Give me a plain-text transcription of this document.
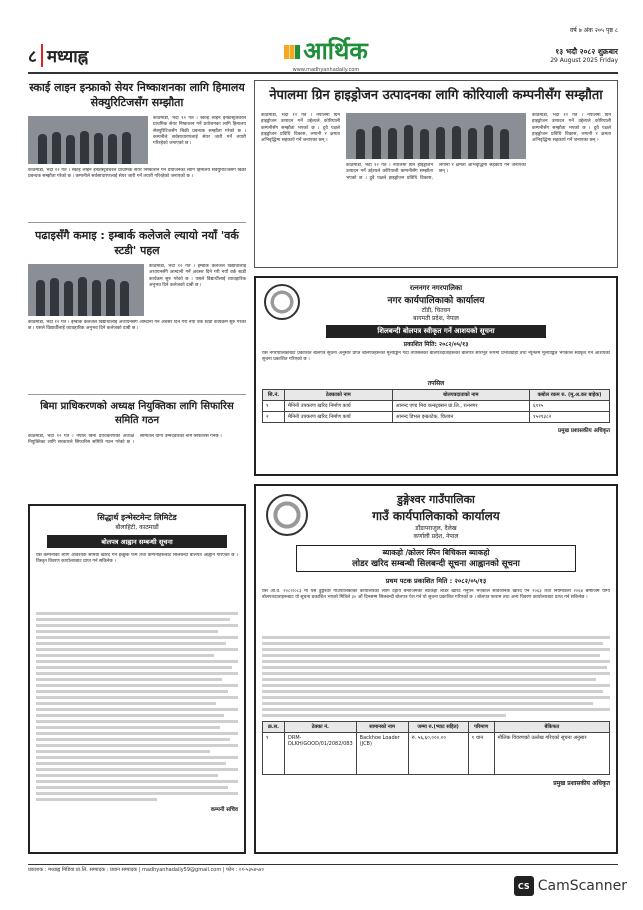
८ मध्याह्न	आर्थिक
www.madhyanhadaily.com
वर्ष ७ अंक २०५ पृष्ठ ८
१३ भदौ २०८२ शुक्रबार
29 August 2025 Friday
स्काई लाइन इन्फ्राको सेयर निष्काशनका लागि हिमालय सेक्युरिटिजसँग सम्झौता
काठमाडौं, भदौ १२ गते । स्काई लाइन इन्फ्रास्ट्रक्चरले प्राथमिक सेयर निष्काशन गर्ने प्रयोजनका लागि हिमालय सेक्युरिटिजसँग बिक्री प्रबन्धक सम्झौता गरेको छ । कम्पनीले सर्वसाधारणलाई सेयर जारी गर्ने तयारी गरिरहेको जनाएको छ ।
काठमाडौं, भदौ १२ गते । स्काई लाइन इन्फ्रास्ट्रक्चरले प्राथमिक सेयर निष्काशन गर्ने प्रयोजनका लागि हिमालय सेक्युरिटिजसँग बिक्री प्रबन्धक सम्झौता गरेको छ । कम्पनीले सर्वसाधारणलाई सेयर जारी गर्ने तयारी गरिरहेको जनाएको छ ।
पढाइसँगै कमाइ : इम्बार्क कलेजले ल्यायो नयाँ 'वर्क स्टडी' पहल
काठमाडौं, भदौ १२ गते । इम्बार्क कलेजले विद्यार्थीलाई अध्ययनसँगै आम्दानी गर्ने अवसर दिने गरी नयाँ वर्क स्टडी कार्यक्रम सुरु गरेको छ । यसले विद्यार्थीलाई व्यावहारिक अनुभव दिने कलेजको दाबी छ ।
काठमाडौं, भदौ १२ गते । इम्बार्क कलेजले विद्यार्थीलाई अध्ययनसँगै आम्दानी गर्ने अवसर दिने गरी नयाँ वर्क स्टडी कार्यक्रम सुरु गरेको छ । यसले विद्यार्थीलाई व्यावहारिक अनुभव दिने कलेजको दाबी छ ।
बिमा प्राधिकरणको अध्यक्ष नियुक्तिका लागि सिफारिस समिति गठन
काठमाडौं, भदौ १२ गते । नेपाल बिमा प्राधिकरणको अध्यक्ष नियुक्तिका लागि सरकारले सिफारिस समिति गठन गरेको छ । समितिले योग्य उम्मेदवारको नाम सिफारिस गर्नेछ ।
सिद्धार्थ इन्भेस्टमेन्ट लिमिटेड
बौलाहिटी, काठमाडौं
बोलपत्र आह्वान सम्बन्धी सूचना
यस कम्पनीको लागि आवश्यक सामग्री खरिद गर्न इच्छुक फर्म तथा कम्पनीहरूबाट सिलबन्दी बोलपत्र आह्वान गरिएको छ । विस्तृत विवरण कार्यालयबाट प्राप्त गर्न सकिनेछ ।
कम्पनी सचिव
नेपालमा ग्रिन हाइड्रोजन उत्पादनका लागि कोरियाली कम्पनीसँग सम्झौता
काठमाडौं, भदौ १२ गते । नेपालमा ग्रिन हाइड्रोजन उत्पादन गर्ने उद्देश्यले कोरियाली कम्पनीसँग सम्झौता भएको छ । दुवै पक्षले हाइड्रोजन प्रविधि विकास, लगानी र क्षमता अभिवृद्धिमा सहकार्य गर्ने जनाएका छन् ।
काठमाडौं, भदौ १२ गते । नेपालमा ग्रिन हाइड्रोजन उत्पादन गर्ने उद्देश्यले कोरियाली कम्पनीसँग सम्झौता भएको छ । दुवै पक्षले हाइड्रोजन प्रविधि विकास, लगानी र क्षमता अभिवृद्धिमा सहकार्य गर्ने जनाएका छन् ।
काठमाडौं, भदौ १२ गते । नेपालमा ग्रिन हाइड्रोजन उत्पादन गर्ने उद्देश्यले कोरियाली कम्पनीसँग सम्झौता भएको छ । दुवै पक्षले हाइड्रोजन प्रविधि विकास, लगानी र क्षमता अभिवृद्धिमा सहकार्य गर्ने जनाएका छन् ।
रत्ननगर नगरपालिका
नगर कार्यपालिकाको कार्यालय
टाँडी, चितवन
बागमती प्रदेश, नेपाल
शिलबन्दी बोलपत्र स्वीकृत गर्ने आशयको सूचना
प्रकाशित मिति: २०८२/०५/१३
यस नगरपालिकाबाट प्रकाशित बोलपत्र सूचना अनुसार प्राप्त बोलपत्रहरूको मूल्याङ्कन गर्दा तपसिलका बोलपत्रदाताहरूको बोलपत्र सारभूत रूपमा प्रभावग्राही तथा न्यूनतम मूल्याङ्कित भएकाले स्वीकृत गर्ने आशयको सूचना प्रकाशित गरिएको छ ।
तपसिल
सि.नं.	ठेक्काको नाम	बोलपत्रदाताको नाम	कबोल रकम रु. (मू.अ.कर बाहेक)
१	मैनिनी उपकरण खरिद निर्माण कार्य	आनन्द एण्ड मिरा कन्स्ट्रक्सन प्रा.लि., रत्ननगर	६११५
२	मैनिनी उपकरण खरिद निर्माण कार्य	आनन्द डिभल इन्फ्राटेक, चितवन	१५२९३८२
प्रमुख प्रशासकीय अधिकृत
डुङ्गेश्वर गाउँपालिका
गाउँ कार्यपालिकाको कार्यालय
डाँडापराजुल, दैलेख
कर्णाली प्रदेश, नेपाल
ब्याकहो /क्रोलर स्पिन बिचिकल ब्याकहो
लोडर खरिद सम्बन्धी सिलबन्दी सूचना आह्वानको सूचना
प्रथम पटक प्रकाशित मिति : २०८२/०५/१३
यस आ.व. २०८२/०८३ मा यस डुङ्गेश्वर गाउँपालिकाको कार्यालयको लागि देहाय बमोजिमको ब्याकहो लोडर खरिद गर्नुपर्ने भएकाले सार्वजनिक खरिद ऐन २०६३ तथा नियमावली २०६४ बमोजिम योग्य बोलपत्रदाताहरूबाट यो सूचना प्रकाशित भएको मितिले ३० औं दिनसम्म सिलबन्दी बोलपत्र पेश गर्न यो सूचना प्रकाशित गरिएको छ । बोलपत्र फाराम तथा अन्य विवरण कार्यालयबाट प्राप्त गर्न सकिनेछ ।
क्र.स.	ठेक्का नं.	सामानको नाम	जम्मा रु.(भ्याट सहित)	परिमाण	बेकिफत
१	DRM-DLKH/GOOD/01/2082/083	Backhoe Loader (JCB)	रु. ५६,६०,०००.००	१ थान	मौलिक विवरणको उल्लेख गरिएको सूचना अनुसार
प्रमुख प्रशासकीय अधिकृत
प्रकाशक : मध्याह्न मिडिया प्रा.लि. सम्पादक : प्रधान सम्पादक | madhyanhadaily59@gmail.com | फोन : ०१-५३५४५४०
CS CamScanner
